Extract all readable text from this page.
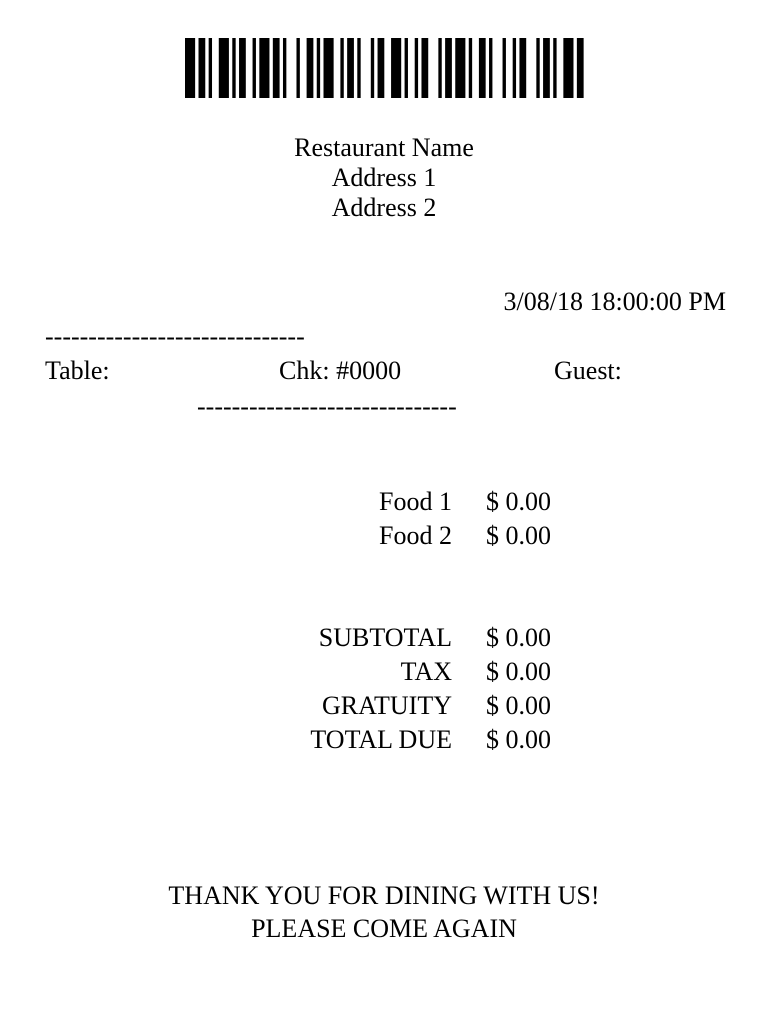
Restaurant Name
Address 1
Address 2
3/08/18 18:00:00 PM
------------------------------
Table:	Chk: #0000	Guest:
------------------------------
Food 1 $ 0.00
Food 2 $ 0.00
SUBTOTAL $ 0.00
TAX $ 0.00
GRATUITY $ 0.00
TOTAL DUE $ 0.00
THANK YOU FOR DINING WITH US!
PLEASE COME AGAIN
